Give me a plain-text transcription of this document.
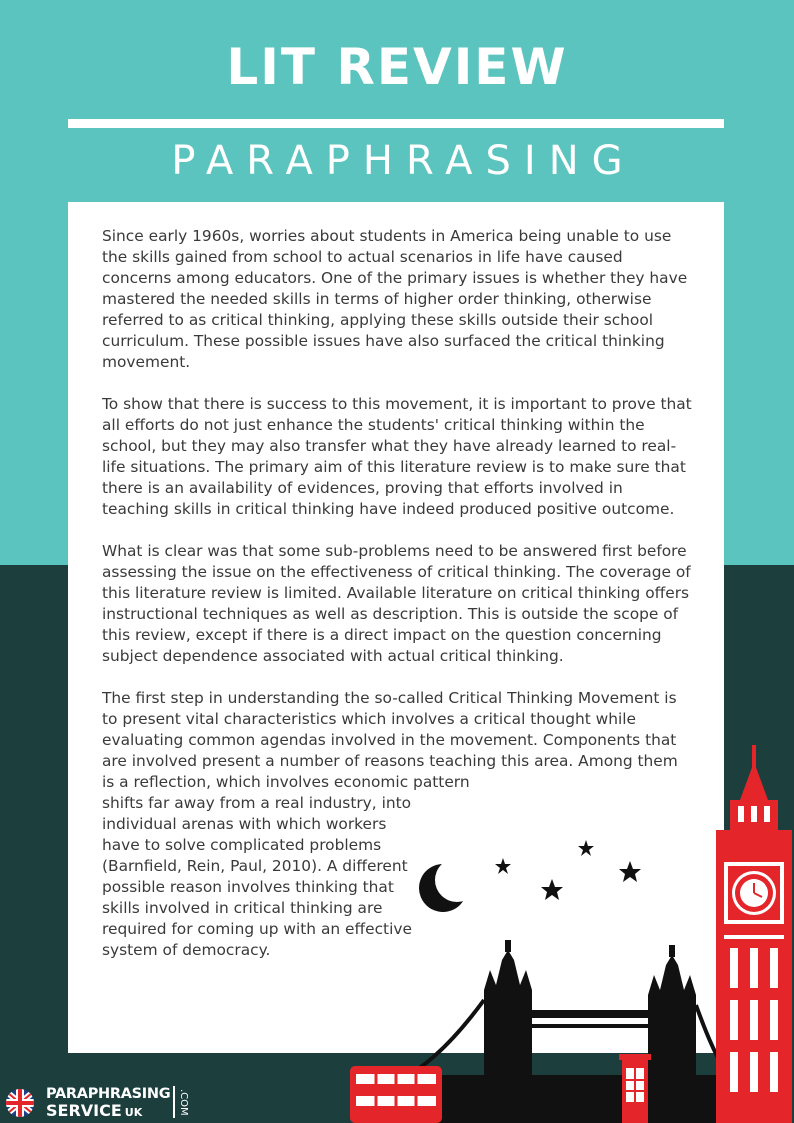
LIT REVIEW
PARAPHRASING

Since early 1960s, worries about students in America being unable to use the skills gained from school to actual scenarios in life have caused concerns among educators. One of the primary issues is whether they have mastered the needed skills in terms of higher order thinking, otherwise referred to as critical thinking, applying these skills outside their school curriculum. These possible issues have also surfaced the critical thinking movement.

To show that there is success to this movement, it is important to prove that all efforts do not just enhance the students' critical thinking within the school, but they may also transfer what they have already learned to real-life situations. The primary aim of this literature review is to make sure that there is an availability of evidences, proving that efforts involved in teaching skills in critical thinking have indeed produced positive outcome.

What is clear was that some sub-problems need to be answered first before assessing the issue on the effectiveness of critical thinking. The coverage of this literature review is limited. Available literature on critical thinking offers instructional techniques as well as description. This is outside the scope of this review, except if there is a direct impact on the question concerning subject dependence associated with actual critical thinking.

The first step in understanding the so-called Critical Thinking Movement is to present vital characteristics which involves a critical thought while evaluating common agendas involved in the movement. Components that are involved present a number of reasons teaching this area. Among them is a reflection, which involves economic pattern

shifts far away from a real industry, into individual arenas with which workers have to solve complicated problems (Barnfield, Rein, Paul, 2010). A different possible reason involves thinking that skills involved in critical thinking are required for coming up with an effective system of democracy.
PARAPHRASING
SERVICE UK	.COM
